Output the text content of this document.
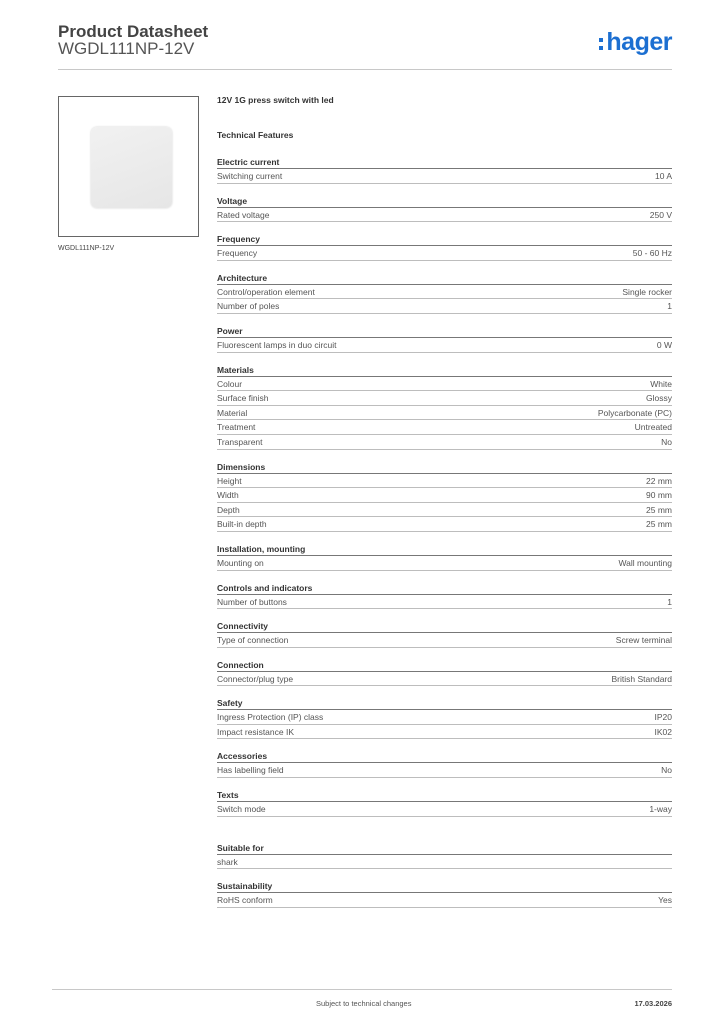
Product Datasheet
WGDL111NP-12V	hager
WGDL111NP-12V
12V 1G press switch with led
Technical Features
Electric current
Switching current	10 A
Voltage
Rated voltage	250 V
Frequency
Frequency	50 - 60 Hz
Architecture
Control/operation element	Single rocker
Number of poles	1
Power
Fluorescent lamps in duo circuit	0 W
Materials
Colour	White
Surface finish	Glossy
Material	Polycarbonate (PC)
Treatment	Untreated
Transparent	No
Dimensions
Height	22 mm
Width	90 mm
Depth	25 mm
Built-in depth	25 mm
Installation, mounting
Mounting on	Wall mounting
Controls and indicators
Number of buttons	1
Connectivity
Type of connection	Screw terminal
Connection
Connector/plug type	British Standard
Safety
Ingress Protection (IP) class	IP20
Impact resistance IK	IK02
Accessories
Has labelling field	No
Texts
Switch mode	1-way
Suitable for
shark
Sustainability
RoHS conform	Yes
Subject to technical changes	17.03.2026
